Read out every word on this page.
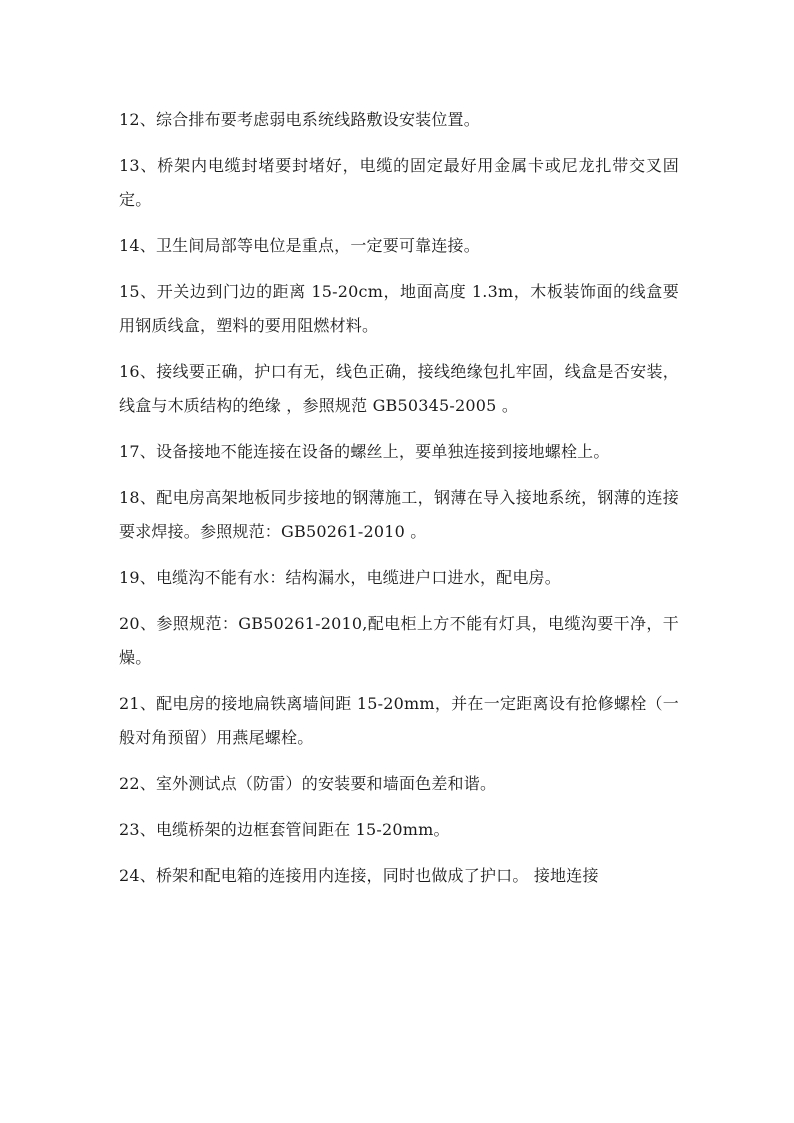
12、综合排布要考虑弱电系统线路敷设安装位置。

13、桥架内电缆封堵要封堵好，电缆的固定最好用金属卡或尼龙扎带交叉固定。

14、卫生间局部等电位是重点，一定要可靠连接。

15、开关边到门边的距离 15-20cm，地面高度 1.3m，木板装饰面的线盒要用钢质线盒，塑料的要用阻燃材料。

16、接线要正确，护口有无，线色正确，接线绝缘包扎牢固，线盒是否安装，线盒与木质结构的绝缘 ，参照规范 GB50345-2005 。

17、设备接地不能连接在设备的螺丝上，要单独连接到接地螺栓上。

18、配电房高架地板同步接地的钢薄施工，钢薄在导入接地系统，钢薄的连接要求焊接。参照规范：GB50261-2010 。

19、电缆沟不能有水：结构漏水，电缆进户口进水，配电房。

20、参照规范：GB50261-2010,配电柜上方不能有灯具，电缆沟要干净，干燥。

21、配电房的接地扁铁离墙间距 15-20mm，并在一定距离设有抢修螺栓（一般对角预留）用燕尾螺栓。

22、室外测试点（防雷）的安装要和墙面色差和谐。

23、电缆桥架的边框套管间距在 15-20mm。

24、桥架和配电箱的连接用内连接，同时也做成了护口。 接地连接
